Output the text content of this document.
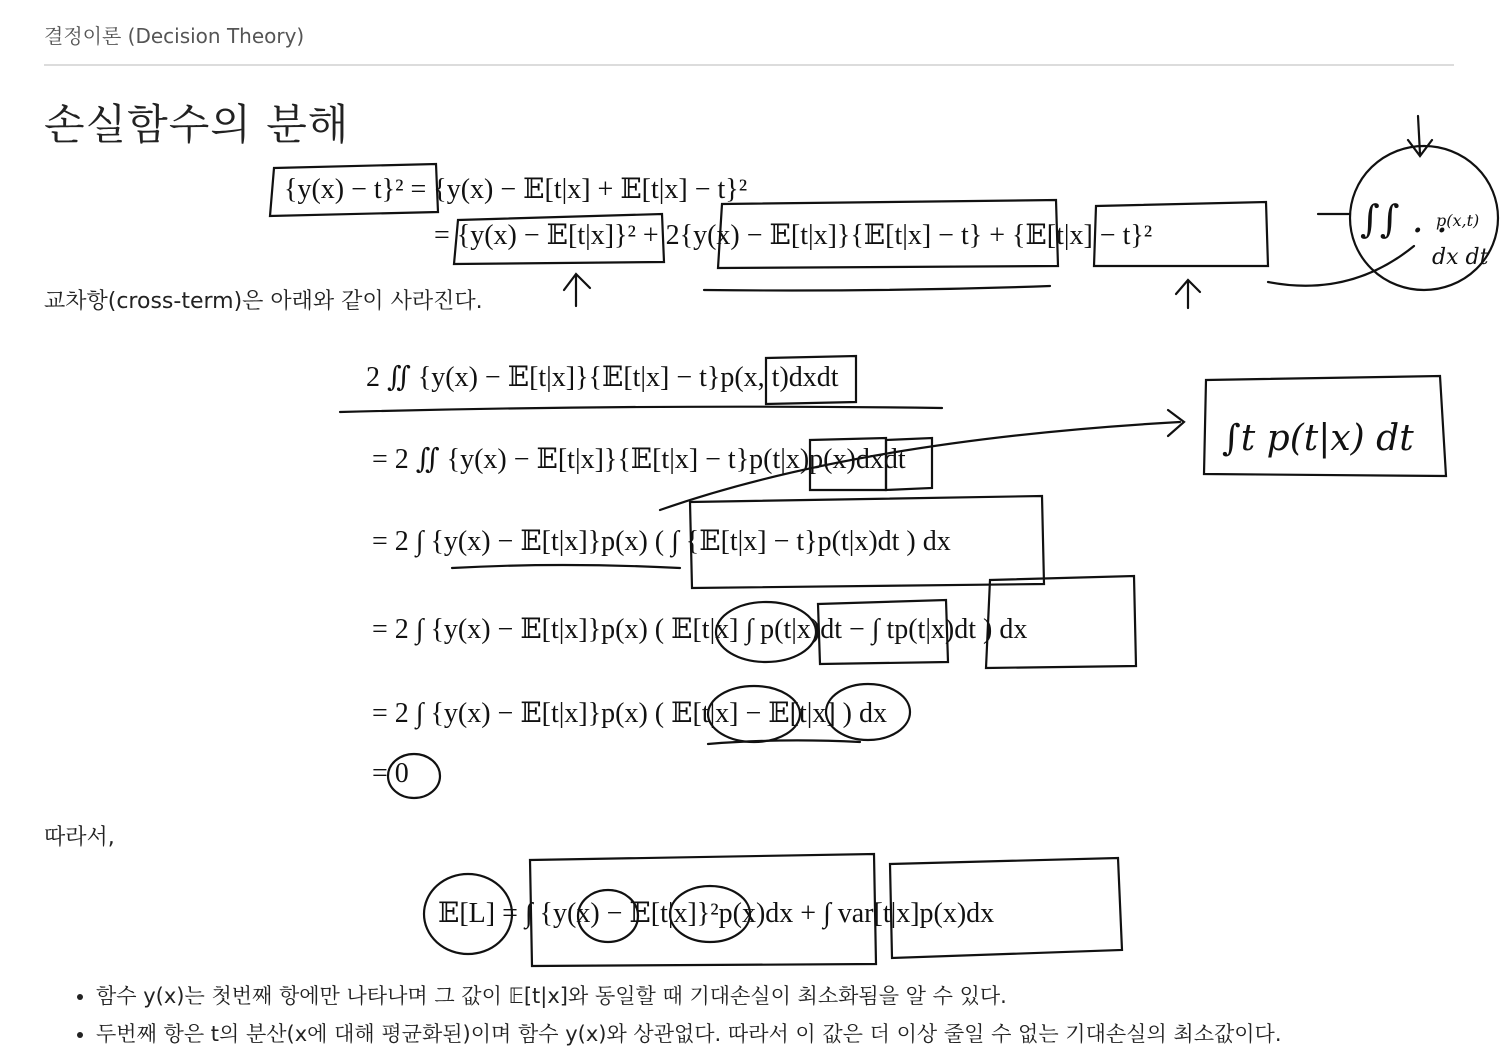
결정이론 (Decision Theory)
손실함수의 분해
{y(x) − t}² = {y(x) − 𝔼[t|x] + 𝔼[t|x] − t}²
= {y(x) − 𝔼[t|x]}² + 2{y(x) − 𝔼[t|x]}{𝔼[t|x] − t} + {𝔼[t|x] − t}²
교차항(cross-term)은 아래와 같이 사라진다.
2 ∬ {y(x) − 𝔼[t|x]}{𝔼[t|x] − t}p(x, t)dxdt
= 2 ∬ {y(x) − 𝔼[t|x]}{𝔼[t|x] − t}p(t|x)p(x)dxdt
= 2 ∫ {y(x) − 𝔼[t|x]}p(x) ( ∫ {𝔼[t|x] − t}p(t|x)dt ) dx
= 2 ∫ {y(x) − 𝔼[t|x]}p(x) ( 𝔼[t|x] ∫ p(t|x)dt − ∫ tp(t|x)dt ) dx
= 2 ∫ {y(x) − 𝔼[t|x]}p(x) ( 𝔼[t|x] − 𝔼[t|x] ) dx
= 0
따라서,
𝔼[L] = ∫ {y(x) − 𝔼[t|x]}²p(x)dx + ∫ var[t|x]p(x)dx
• 함수 y(x)는 첫번째 항에만 나타나며 그 값이 𝔼[t|x]와 동일할 때 기대손실이 최소화됨을 알 수 있다.
• 두번째 항은 t의 분산(x에 대해 평균화된)이며 함수 y(x)와 상관없다. 따라서 이 값은 더 이상 줄일 수 없는 기대손실의 최소값이다.
∫t p(t|x) dt
∫∫ . .
p(x,t)
dx dt
